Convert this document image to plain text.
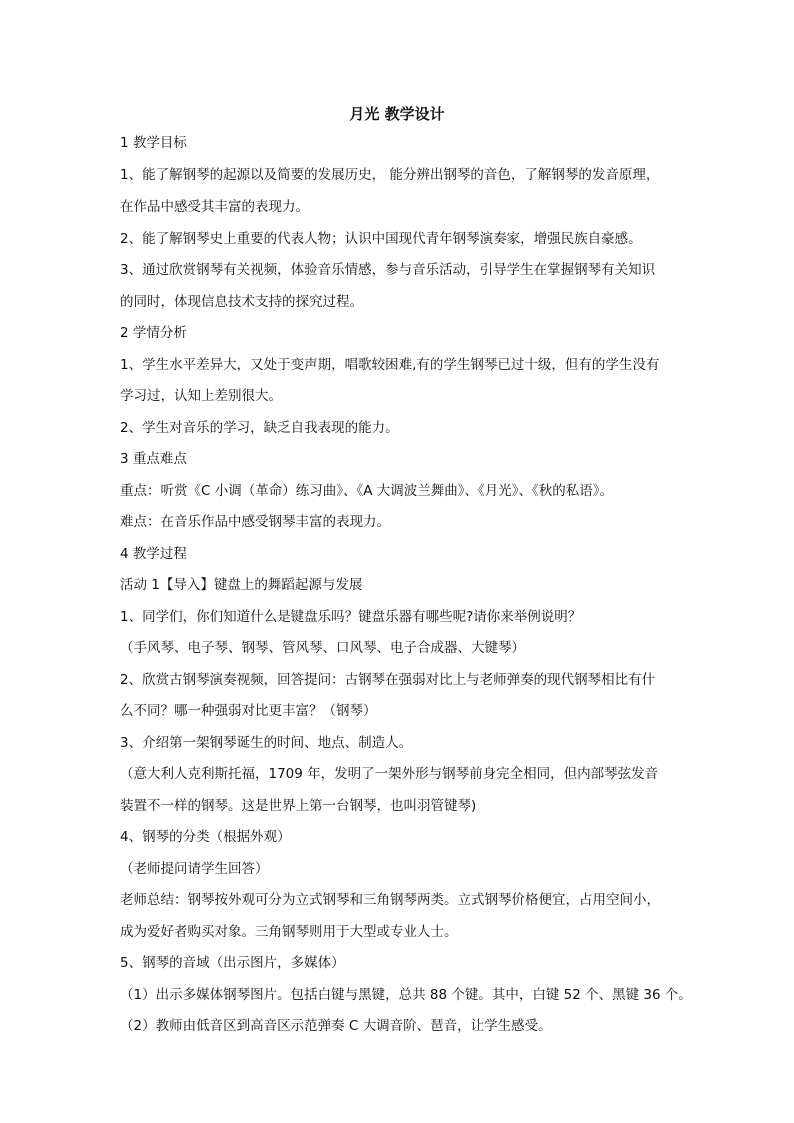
月光 教学设计
1 教学目标
1、能了解钢琴的起源以及简要的发展历史， 能分辨出钢琴的音色，了解钢琴的发音原理，
在作品中感受其丰富的表现力。
2、能了解钢琴史上重要的代表人物；认识中国现代青年钢琴演奏家，增强民族自豪感。
3、通过欣赏钢琴有关视频，体验音乐情感，参与音乐活动，引导学生在掌握钢琴有关知识
的同时，体现信息技术支持的探究过程。
2 学情分析
1、学生水平差异大，又处于变声期，唱歌较困难,有的学生钢琴已过十级，但有的学生没有
学习过，认知上差别很大。
2、学生对音乐的学习，缺乏自我表现的能力。
3 重点难点
重点：听赏《C 小调（革命）练习曲》、《A 大调波兰舞曲》、《月光》、《秋的私语》。
难点：在音乐作品中感受钢琴丰富的表现力。
4 教学过程
活动 1【导入】键盘上的舞蹈起源与发展
1、同学们，你们知道什么是键盘乐吗？键盘乐器有哪些呢?请你来举例说明？
（手风琴、电子琴、钢琴、管风琴、口风琴、电子合成器、大键琴）
2、欣赏古钢琴演奏视频，回答提问：古钢琴在强弱对比上与老师弹奏的现代钢琴相比有什
么不同？哪一种强弱对比更丰富？（钢琴）
3、介绍第一架钢琴诞生的时间、地点、制造人。
（意大利人克利斯托福，1709 年，发明了一架外形与钢琴前身完全相同，但内部琴弦发音
装置不一样的钢琴。这是世界上第一台钢琴，也叫羽管键琴)
4、钢琴的分类（根据外观）
（老师提问请学生回答）
老师总结：钢琴按外观可分为立式钢琴和三角钢琴两类。立式钢琴价格便宜，占用空间小，
成为爱好者购买对象。三角钢琴则用于大型或专业人士。
5、钢琴的音域（出示图片，多媒体）
（1）出示多媒体钢琴图片。包括白键与黑键，总共 88 个键。其中，白键 52 个、黑键 36 个。
（2）教师由低音区到高音区示范弹奏 C 大调音阶、琶音，让学生感受。
